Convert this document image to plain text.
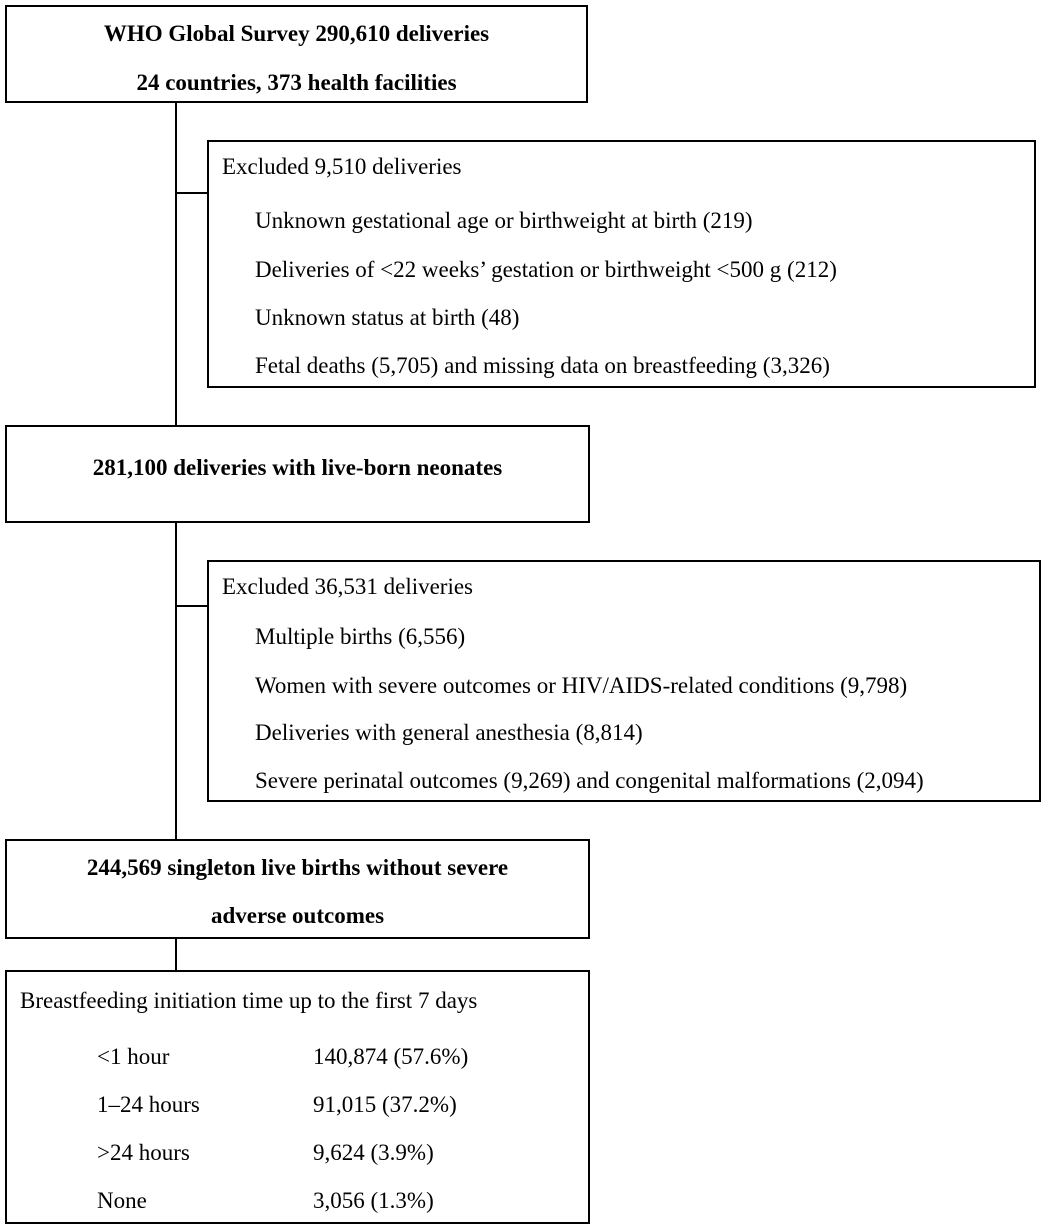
WHO Global Survey 290,610 deliveries
24 countries, 373 health facilities
Excluded 9,510 deliveries
Unknown gestational age or birthweight at birth (219)
Deliveries of <22 weeks’ gestation or birthweight <500 g (212)
Unknown status at birth (48)
Fetal deaths (5,705) and missing data on breastfeeding (3,326)
281,100 deliveries with live-born neonates
Excluded 36,531 deliveries
Multiple births (6,556)
Women with severe outcomes or HIV/AIDS-related conditions (9,798)
Deliveries with general anesthesia (8,814)
Severe perinatal outcomes (9,269) and congenital malformations (2,094)
244,569 singleton live births without severe
adverse outcomes
Breastfeeding initiation time up to the first 7 days
<1 hour	140,874 (57.6%)
1–24 hours	91,015 (37.2%)
>24 hours	9,624 (3.9%)
None	3,056 (1.3%)
